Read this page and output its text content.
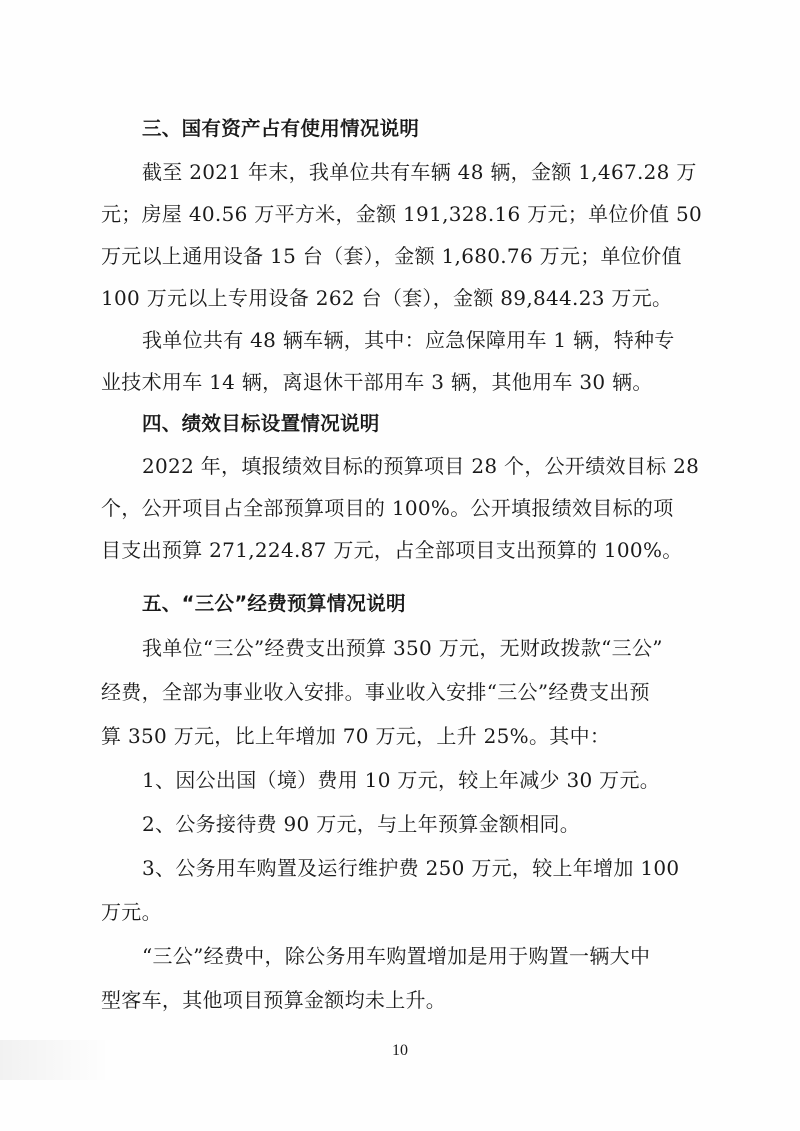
三、国有资产占有使用情况说明
截至 2021 年末，我单位共有车辆 48 辆，金额 1,467.28 万
元；房屋 40.56 万平方米，金额 191,328.16 万元；单位价值 50
万元以上通用设备 15 台（套），金额 1,680.76 万元；单位价值
100 万元以上专用设备 262 台（套），金额 89,844.23 万元。
我单位共有 48 辆车辆，其中：应急保障用车 1 辆，特种专
业技术用车 14 辆，离退休干部用车 3 辆，其他用车 30 辆。
四、绩效目标设置情况说明
2022 年，填报绩效目标的预算项目 28 个，公开绩效目标 28
个，公开项目占全部预算项目的 100%。公开填报绩效目标的项
目支出预算 271,224.87 万元，占全部项目支出预算的 100%。
五、“三公”经费预算情况说明
我单位“三公”经费支出预算 350 万元，无财政拨款“三公”
经费，全部为事业收入安排。事业收入安排“三公”经费支出预
算 350 万元，比上年增加 70 万元，上升 25%。其中：
1、因公出国（境）费用 10 万元，较上年减少 30 万元。
2、公务接待费 90 万元，与上年预算金额相同。
3、公务用车购置及运行维护费 250 万元，较上年增加 100
万元。
“三公”经费中，除公务用车购置增加是用于购置一辆大中
型客车，其他项目预算金额均未上升。
10
